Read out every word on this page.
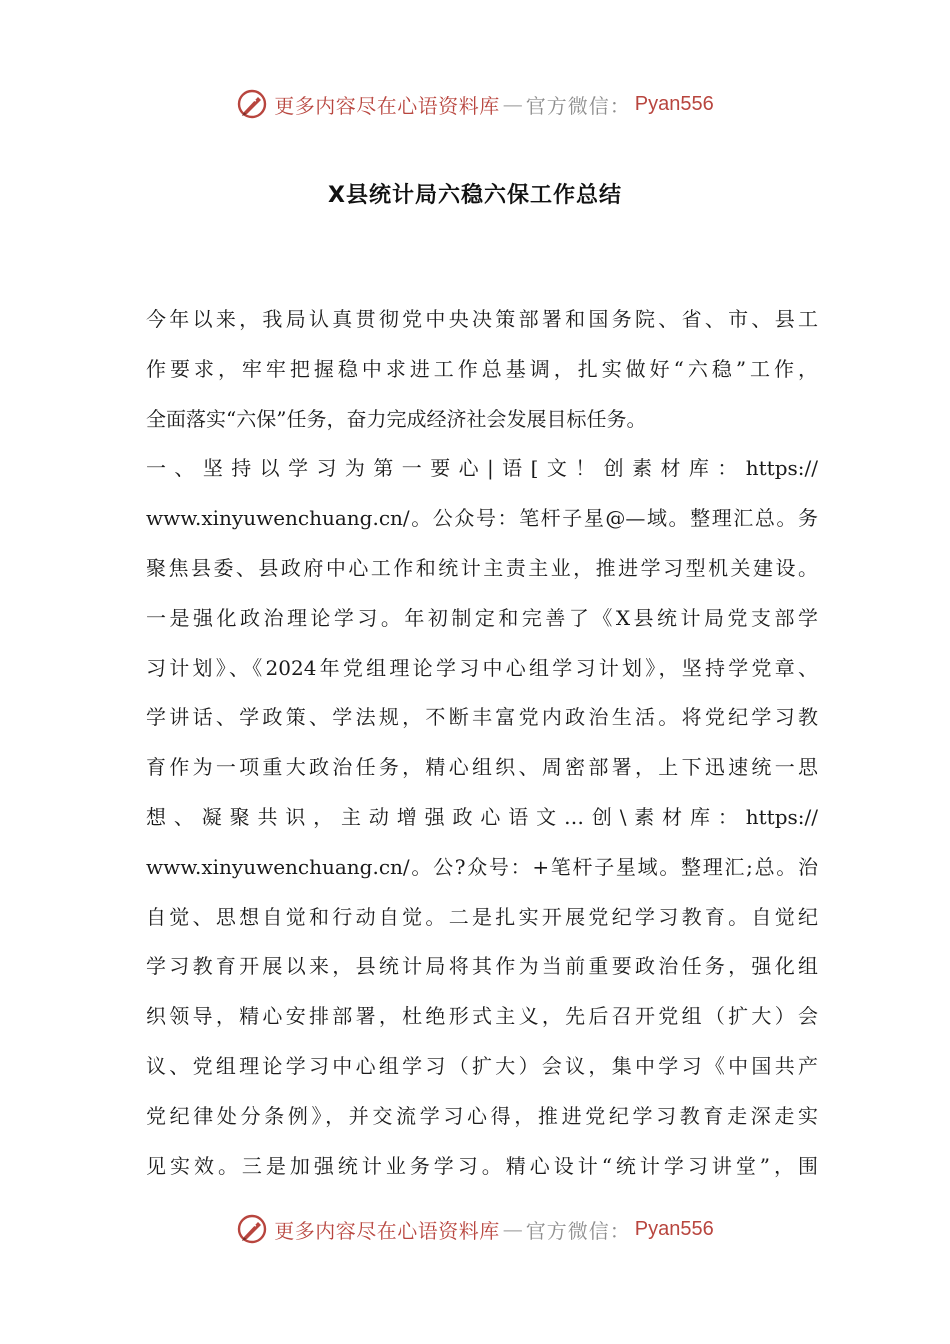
更多内容尽在心语资料库 — 官方微信： Pyan556
X县统计局六稳六保工作总结
今年以来，我局认真贯彻党中央决策部署和国务院、省、市、县工
作要求，牢牢把握稳中求进工作总基调，扎实做好“六稳”工作，
全面落实“六保”任务，奋力完成经济社会发展目标任务。
一、坚持以学习为第一要心|语[文！创素材库：https://
www.xinyuwenchuang.cn/。公众号：笔杆子星@—域。整理汇总。务
聚焦县委、县政府中心工作和统计主责主业，推进学习型机关建设。
一是强化政治理论学习。年初制定和完善了《X县统计局党支部学
习计划》、《2024年党组理论学习中心组学习计划》，坚持学党章、
学讲话、学政策、学法规，不断丰富党内政治生活。将党纪学习教
育作为一项重大政治任务，精心组织、周密部署，上下迅速统一思
想、凝聚共识，主动增强政心语文…创\素材库：https://
www.xinyuwenchuang.cn/。公?众号：+笔杆子星域。整理汇;总。治
自觉、思想自觉和行动自觉。二是扎实开展党纪学习教育。自觉纪
学习教育开展以来，县统计局将其作为当前重要政治任务，强化组
织领导，精心安排部署，杜绝形式主义，先后召开党组（扩大）会
议、党组理论学习中心组学习（扩大）会议，集中学习《中国共产
党纪律处分条例》，并交流学习心得，推进党纪学习教育走深走实
见实效。三是加强统计业务学习。精心设计“统计学习讲堂”，围
更多内容尽在心语资料库 — 官方微信： Pyan556
